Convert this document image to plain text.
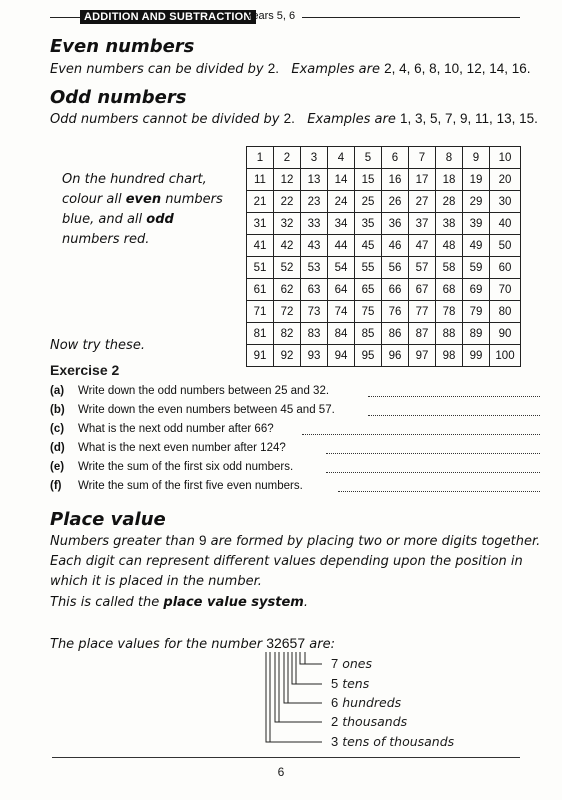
ADDITION AND SUBTRACTION
Years 5, 6
Even numbers
Even numbers can be divided by 2. Examples are 2, 4, 6, 8, 10, 12, 14, 16.
Odd numbers
Odd numbers cannot be divided by 2. Examples are 1, 3, 5, 7, 9, 11, 13, 15.
On the hundred chart,
colour all even numbers
blue, and all odd
numbers red.
1	2	3	4	5	6	7	8	9	10
11	12	13	14	15	16	17	18	19	20
21	22	23	24	25	26	27	28	29	30
31	32	33	34	35	36	37	38	39	40
41	42	43	44	45	46	47	48	49	50
51	52	53	54	55	56	57	58	59	60
61	62	63	64	65	66	67	68	69	70
71	72	73	74	75	76	77	78	79	80
81	82	83	84	85	86	87	88	89	90
91	92	93	94	95	96	97	98	99	100
Now try these.
Exercise 2
(a) Write down the odd numbers between 25 and 32.
(b) Write down the even numbers between 45 and 57.
(c) What is the next odd number after 66?
(d) What is the next even number after 124?
(e) Write the sum of the first six odd numbers.
(f) Write the sum of the first five even numbers.
Place value
Numbers greater than 9 are formed by placing two or more digits together.
Each digit can represent different values depending upon the position in
which it is placed in the number.
This is called the place value system.
The place values for the number 32657 are:
7 ones
5 tens
6 hundreds
2 thousands
3 tens of thousands
6
